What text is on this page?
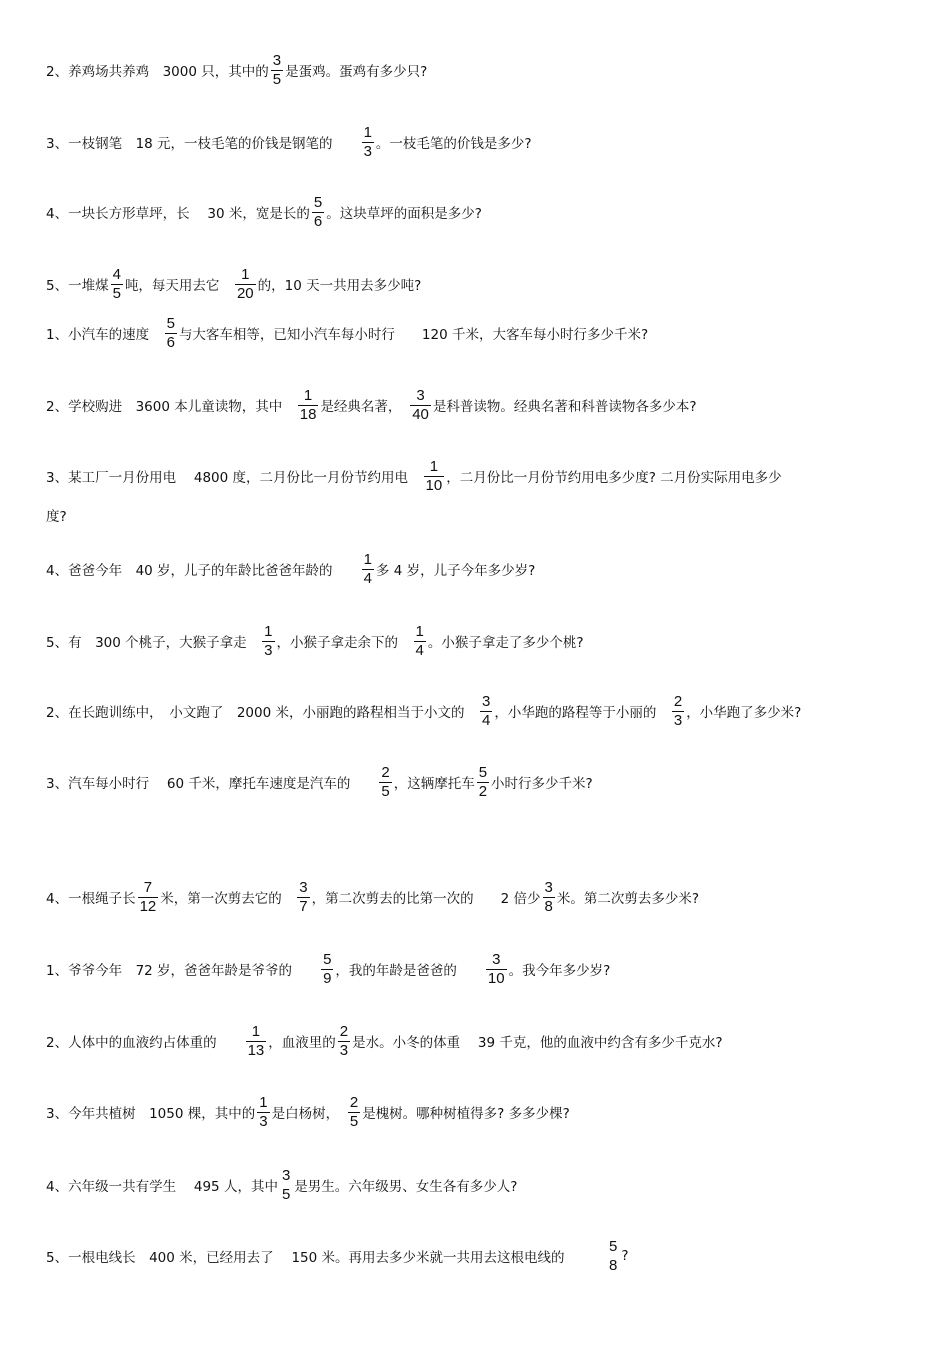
2、养鸡场共养鸡　3000 只，其中的 $\frac{3}{5}$ 是蛋鸡。蛋鸡有多少只?
3、一枝钢笔　18 元，一枝毛笔的价钱是钢笔的　　 $\frac{1}{3}$ 。一枝毛笔的价钱是多少?
4、一块长方形草坪，长　 30 米，宽是长的 $\frac{5}{6}$ 。这块草坪的面积是多少?
5、一堆煤 $\frac{4}{5}$ 吨，每天用去它　 $\frac{1}{20}$ 的，10 天一共用去多少吨?
1、小汽车的速度　 $\frac{5}{6}$ 与大客车相等，已知小汽车每小时行　　120 千米，大客车每小时行多少千米?
2、学校购进　3600 本儿童读物，其中　 $\frac{1}{18}$ 是经典名著，　 $\frac{3}{40}$ 是科普读物。经典名著和科普读物各多少本?
3、某工厂一月份用电　 4800 度，二月份比一月份节约用电　 $\frac{1}{10}$ ，二月份比一月份节约用电多少度? 二月份实际用电多少
4、爸爸今年　40 岁，儿子的年龄比爸爸年龄的　　 $\frac{1}{4}$ 多 4 岁，儿子今年多少岁?
5、有　300 个桃子，大猴子拿走　 $\frac{1}{3}$ ，小猴子拿走余下的　 $\frac{1}{4}$ 。小猴子拿走了多少个桃?
2、在长跑训练中，　小文跑了　2000 米，小丽跑的路程相当于小文的　 $\frac{3}{4}$ ，小华跑的路程等于小丽的　 $\frac{2}{3}$ ，小华跑了多少米?
3、汽车每小时行　 60 千米，摩托车速度是汽车的　　 $\frac{2}{5}$ ，这辆摩托车 $\frac{5}{2}$ 小时行多少千米?
4、一根绳子长 $\frac{7}{12}$ 米，第一次剪去它的　 $\frac{3}{7}$ ，第二次剪去的比第一次的　　2 倍少 $\frac{3}{8}$ 米。第二次剪去多少米?
1、爷爷今年　72 岁，爸爸年龄是爷爷的　　 $\frac{5}{9}$ ，我的年龄是爸爸的　　 $\frac{3}{10}$ 。我今年多少岁?
2、人体中的血液约占体重的　　 $\frac{1}{13}$ ，血液里的 $\frac{2}{3}$ 是水。小冬的体重　 39 千克，他的血液中约含有多少千克水?
3、今年共植树　1050 棵，其中的 $\frac{1}{3}$ 是白杨树，　 $\frac{2}{5}$ 是槐树。哪种树植得多? 多多少棵?
4、六年级一共有学生　 495 人，其中
3
5 是男生。六年级男、女生各有多少人?
5、一根电线长　400 米，已经用去了　 150 米。再用去多少米就一共用去这根电线的　　　
5
8
?
度?
